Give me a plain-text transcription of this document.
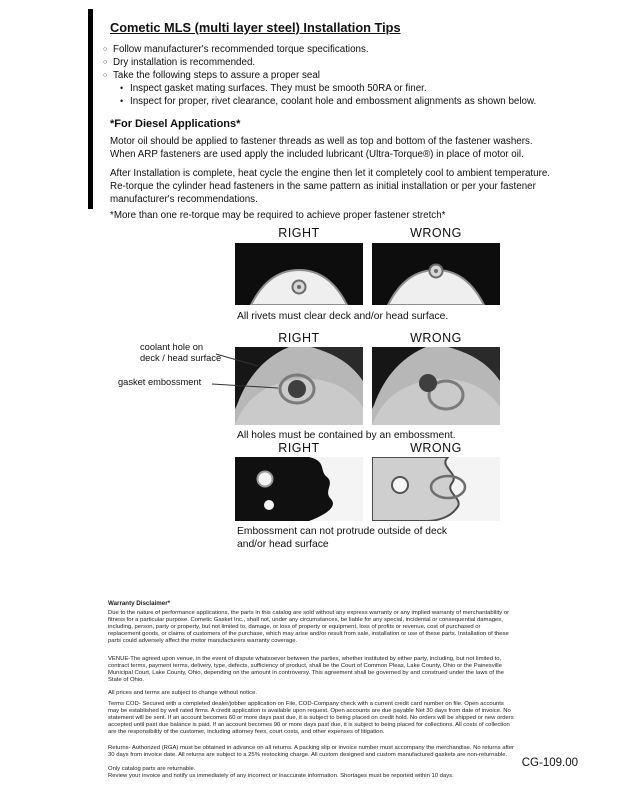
Cometic MLS (multi layer steel) Installation Tips
○ Follow manufacturer's recommended torque specifications.
○ Dry installation is recommended.
○ Take the following steps to assure a proper seal
• Inspect gasket mating surfaces. They must be smooth 50RA or finer.
• Inspect for proper, rivet clearance, coolant hole and embossment alignments as shown below.
*For Diesel Applications*
Motor oil should be applied to fastener threads as well as top and bottom of the fastener washers. When ARP fasteners are used apply the included lubricant (Ultra-Torque®) in place of motor oil.
After Installation is complete, heat cycle the engine then let it completely cool to ambient temperature. Re-torque the cylinder head fasteners in the same pattern as initial installation or per your fastener manufacturer's recommendations.
*More than one re-torque may be required to achieve proper fastener stretch*
RIGHT	WRONG
All rivets must clear deck and/or head surface.
RIGHT	WRONG
coolant hole on deck / head surface
gasket embossment
All holes must be contained by an embossment.
RIGHT	WRONG
Embossment can not protrude outside of deck and/or head surface
Warranty Disclaimer*
Due to the nature of performance applications, the parts in this catalog are sold without any express warranty or any implied warranty of merchantability or fitness for a particular purpose. Cometic Gasket Inc., shall not, under any circumstances, be liable for any special, incidental or consequential damages, including, person, party or property, but not limited to, damage, or loss of property or equipment, loss of profits or revenue, cost of purchased or replacement goods, or claims of customers of the purchase, which may arise and/or result from sale, installation or use of these parts. Installation of these parts could adversely affect the motor manufacturers warranty coverage.
VENUE-The agreed upon venue, in the event of dispute whatsoever between the parties, whether instituted by either party, including, but not limited to, contract terms, payment terms, delivery, type, defects, sufficiency of product, shall be the Court of Common Pleas, Lake County, Ohio or the Painesville Municipal Court, Lake County, Ohio, depending on the amount in controversy. This agreement shall be governed by and construed under the laws of the State of Ohio.
All prices and terms are subject to change without notice.
Terms COD- Secured with a completed dealer/jobber application on File, COD-Company check with a current credit card number on file. Open accounts may be established by well rated firms. A credit application is available upon request. Open accounts are due payable Net 30 days from date of invoice. No statement will be sent. If an account becomes 60 or more days past due, it is subject to being placed on credit hold. No orders will be shipped or new orders accepted until past due balance is paid. If an account becomes 90 or more days past due, it is subject to being placed for collections. All costs of collection are the responsibility of the customer, including attorney fees, court costs, and other expenses of litigation.
Returns- Authorized (RGA) must be obtained in advance on all returns. A packing slip or invoice number must accompany the merchandise. No returns after 30 days from invoice date. All returns are subject to a 25% restocking charge. All custom designed and custom manufactured gaskets are non-returnable.
Only catalog parts are returnable.
Review your invoice and notify us immediately of any incorrect or inaccurate information. Shortages must be reported within 10 days.
CG-109.00
